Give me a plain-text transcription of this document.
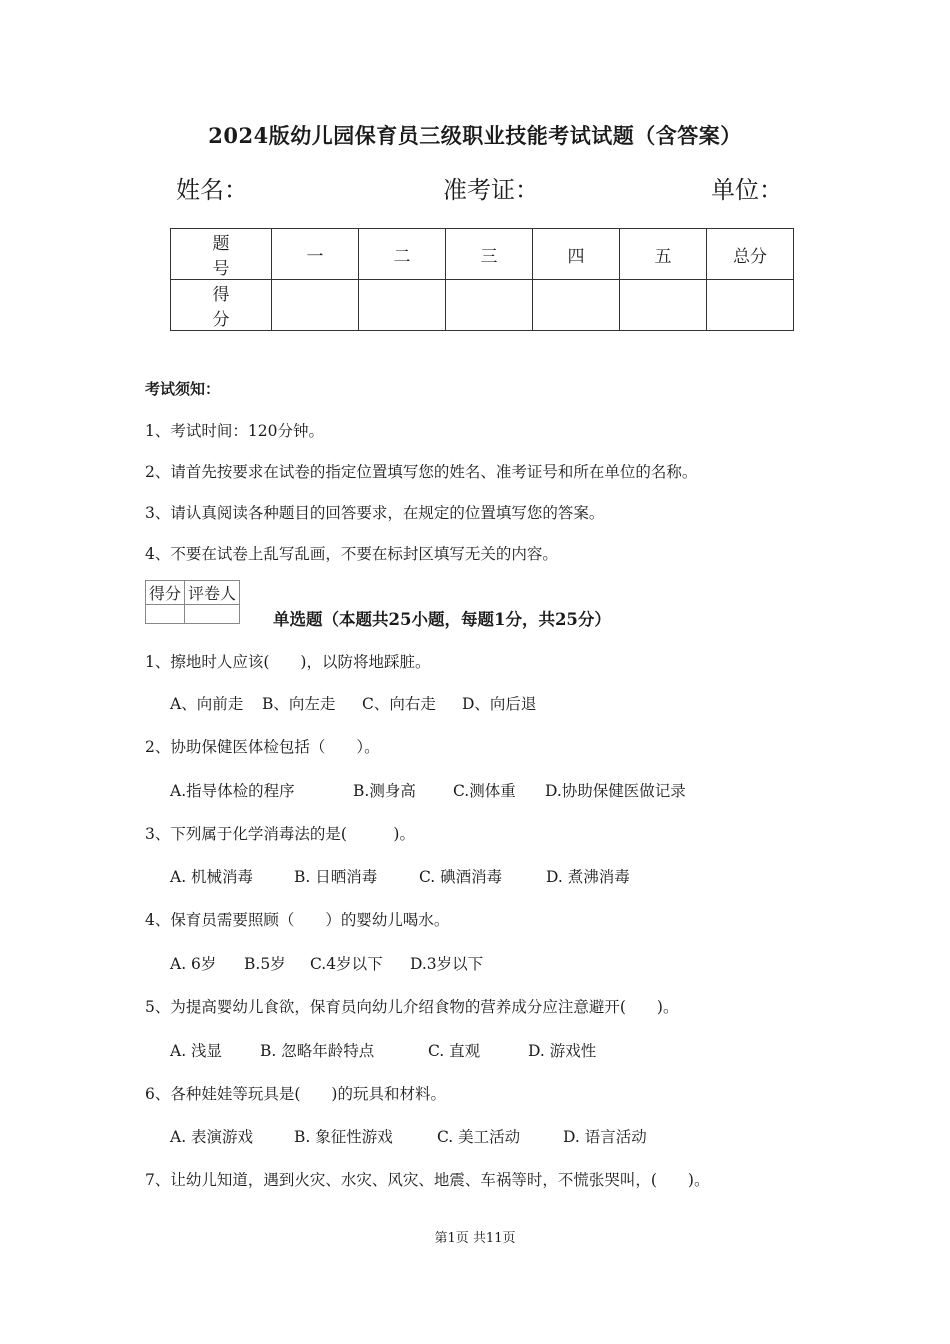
2024版幼儿园保育员三级职业技能考试试题（含答案）
姓名：	准考证：	单位：
题　号	一	二	三	四	五	总分
得　分						
考试须知：
1、考试时间：120分钟。
2、请首先按要求在试卷的指定位置填写您的姓名、准考证号和所在单位的名称。
3、请认真阅读各种题目的回答要求，在规定的位置填写您的答案。
4、不要在试卷上乱写乱画，不要在标封区填写无关的内容。
得分	评卷人

单选题（本题共25小题，每题1分，共25分）
1、擦地时人应该(　　)，以防将地踩脏。
A、向前走 B、向左走 C、向右走 D、向后退
2、协助保健医体检包括（　　）。
A.指导体检的程序	B.测身高 C.测体重 D.协助保健医做记录
3、下列属于化学消毒法的是(　　　)。
A. 机械消毒	B. 日晒消毒	C. 碘酒消毒	D. 煮沸消毒
4、保育员需要照顾（　　）的婴幼儿喝水。
A. 6岁 B.5岁 C.4岁以下 D.3岁以下
5、为提高婴幼儿食欲，保育员向幼儿介绍食物的营养成分应注意避开(　　)。
A. 浅显 B. 忽略年龄特点	C. 直观	D. 游戏性
6、各种娃娃等玩具是(　　)的玩具和材料。
A. 表演游戏	B. 象征性游戏	C. 美工活动	D. 语言活动
7、让幼儿知道，遇到火灾、水灾、风灾、地震、车祸等时，不慌张哭叫，(　　)。
第1页 共11页
